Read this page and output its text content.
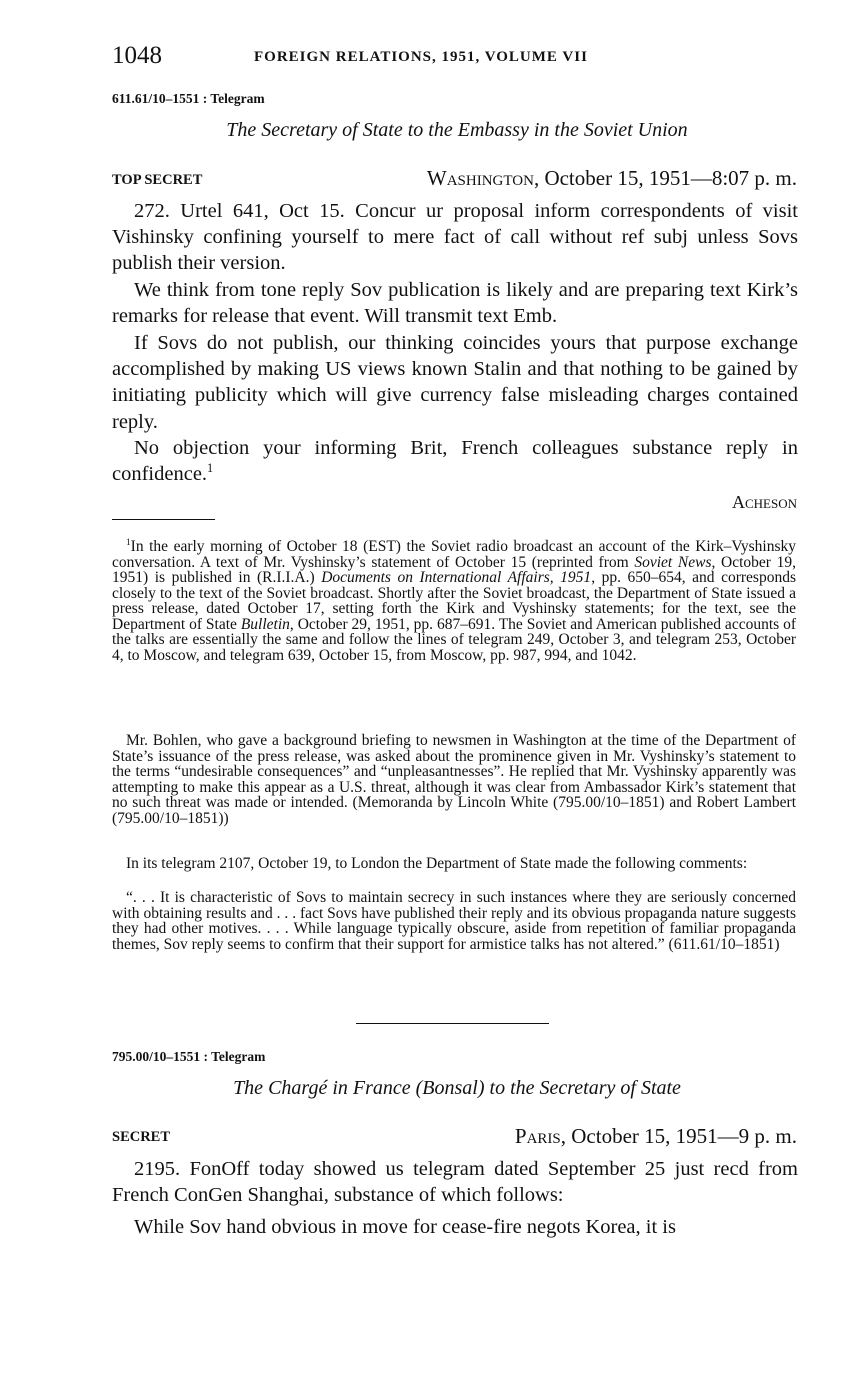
1048	FOREIGN RELATIONS, 1951, VOLUME VII
611.61/10–1551 : Telegram
The Secretary of State to the Embassy in the Soviet Union
TOP SECRET	Washington, October 15, 1951—8:07 p. m.

272. Urtel 641, Oct 15. Concur ur proposal inform correspondents of visit Vishinsky confining yourself to mere fact of call without ref subj unless Sovs publish their version.

We think from tone reply Sov publication is likely and are preparing text Kirk’s remarks for release that event. Will transmit text Emb.

If Sovs do not publish, our thinking coincides yours that purpose exchange accomplished by making US views known Stalin and that nothing to be gained by initiating publicity which will give currency false misleading charges contained reply.

No objection your informing Brit, French colleagues substance reply in confidence.$^1$

Acheson

$^1$In the early morning of October 18 (EST) the Soviet radio broadcast an account of the Kirk–Vyshinsky conversation. A text of Mr. Vyshinsky’s statement of October 15 (reprinted from Soviet News, October 19, 1951) is published in (R.I.I.A.) Documents on International Affairs, 1951, pp. 650–654, and corresponds closely to the text of the Soviet broadcast. Shortly after the Soviet broadcast, the Department of State issued a press release, dated October 17, setting forth the Kirk and Vyshinsky statements; for the text, see the Department of State Bulletin, October 29, 1951, pp. 687–691. The Soviet and American published accounts of the talks are essentially the same and follow the lines of telegram 249, October 3, and telegram 253, October 4, to Moscow, and telegram 639, October 15, from Moscow, pp. 987, 994, and 1042.

Mr. Bohlen, who gave a background briefing to newsmen in Washington at the time of the Department of State’s issuance of the press release, was asked about the prominence given in Mr. Vyshinsky’s statement to the terms “undesirable consequences” and “unpleasantnesses”. He replied that Mr. Vyshinsky apparently was attempting to make this appear as a U.S. threat, although it was clear from Ambassador Kirk’s statement that no such threat was made or intended. (Memoranda by Lincoln White (795.00/10–1851) and Robert Lambert (795.00/10–1851))

In its telegram 2107, October 19, to London the Department of State made the following comments:

“. . . It is characteristic of Sovs to maintain secrecy in such instances where they are seriously concerned with obtaining results and . . . fact Sovs have published their reply and its obvious propaganda nature suggests they had other motives. . . . While language typically obscure, aside from repetition of familiar propaganda themes, Sov reply seems to confirm that their support for armistice talks has not altered.” (611.61/10–1851)

795.00/10–1551 : Telegram
The Chargé in France (Bonsal) to the Secretary of State
SECRET	Paris, October 15, 1951—9 p. m.

2195. FonOff today showed us telegram dated September 25 just recd from French ConGen Shanghai, substance of which follows:

While Sov hand obvious in move for cease-fire negots Korea, it is
